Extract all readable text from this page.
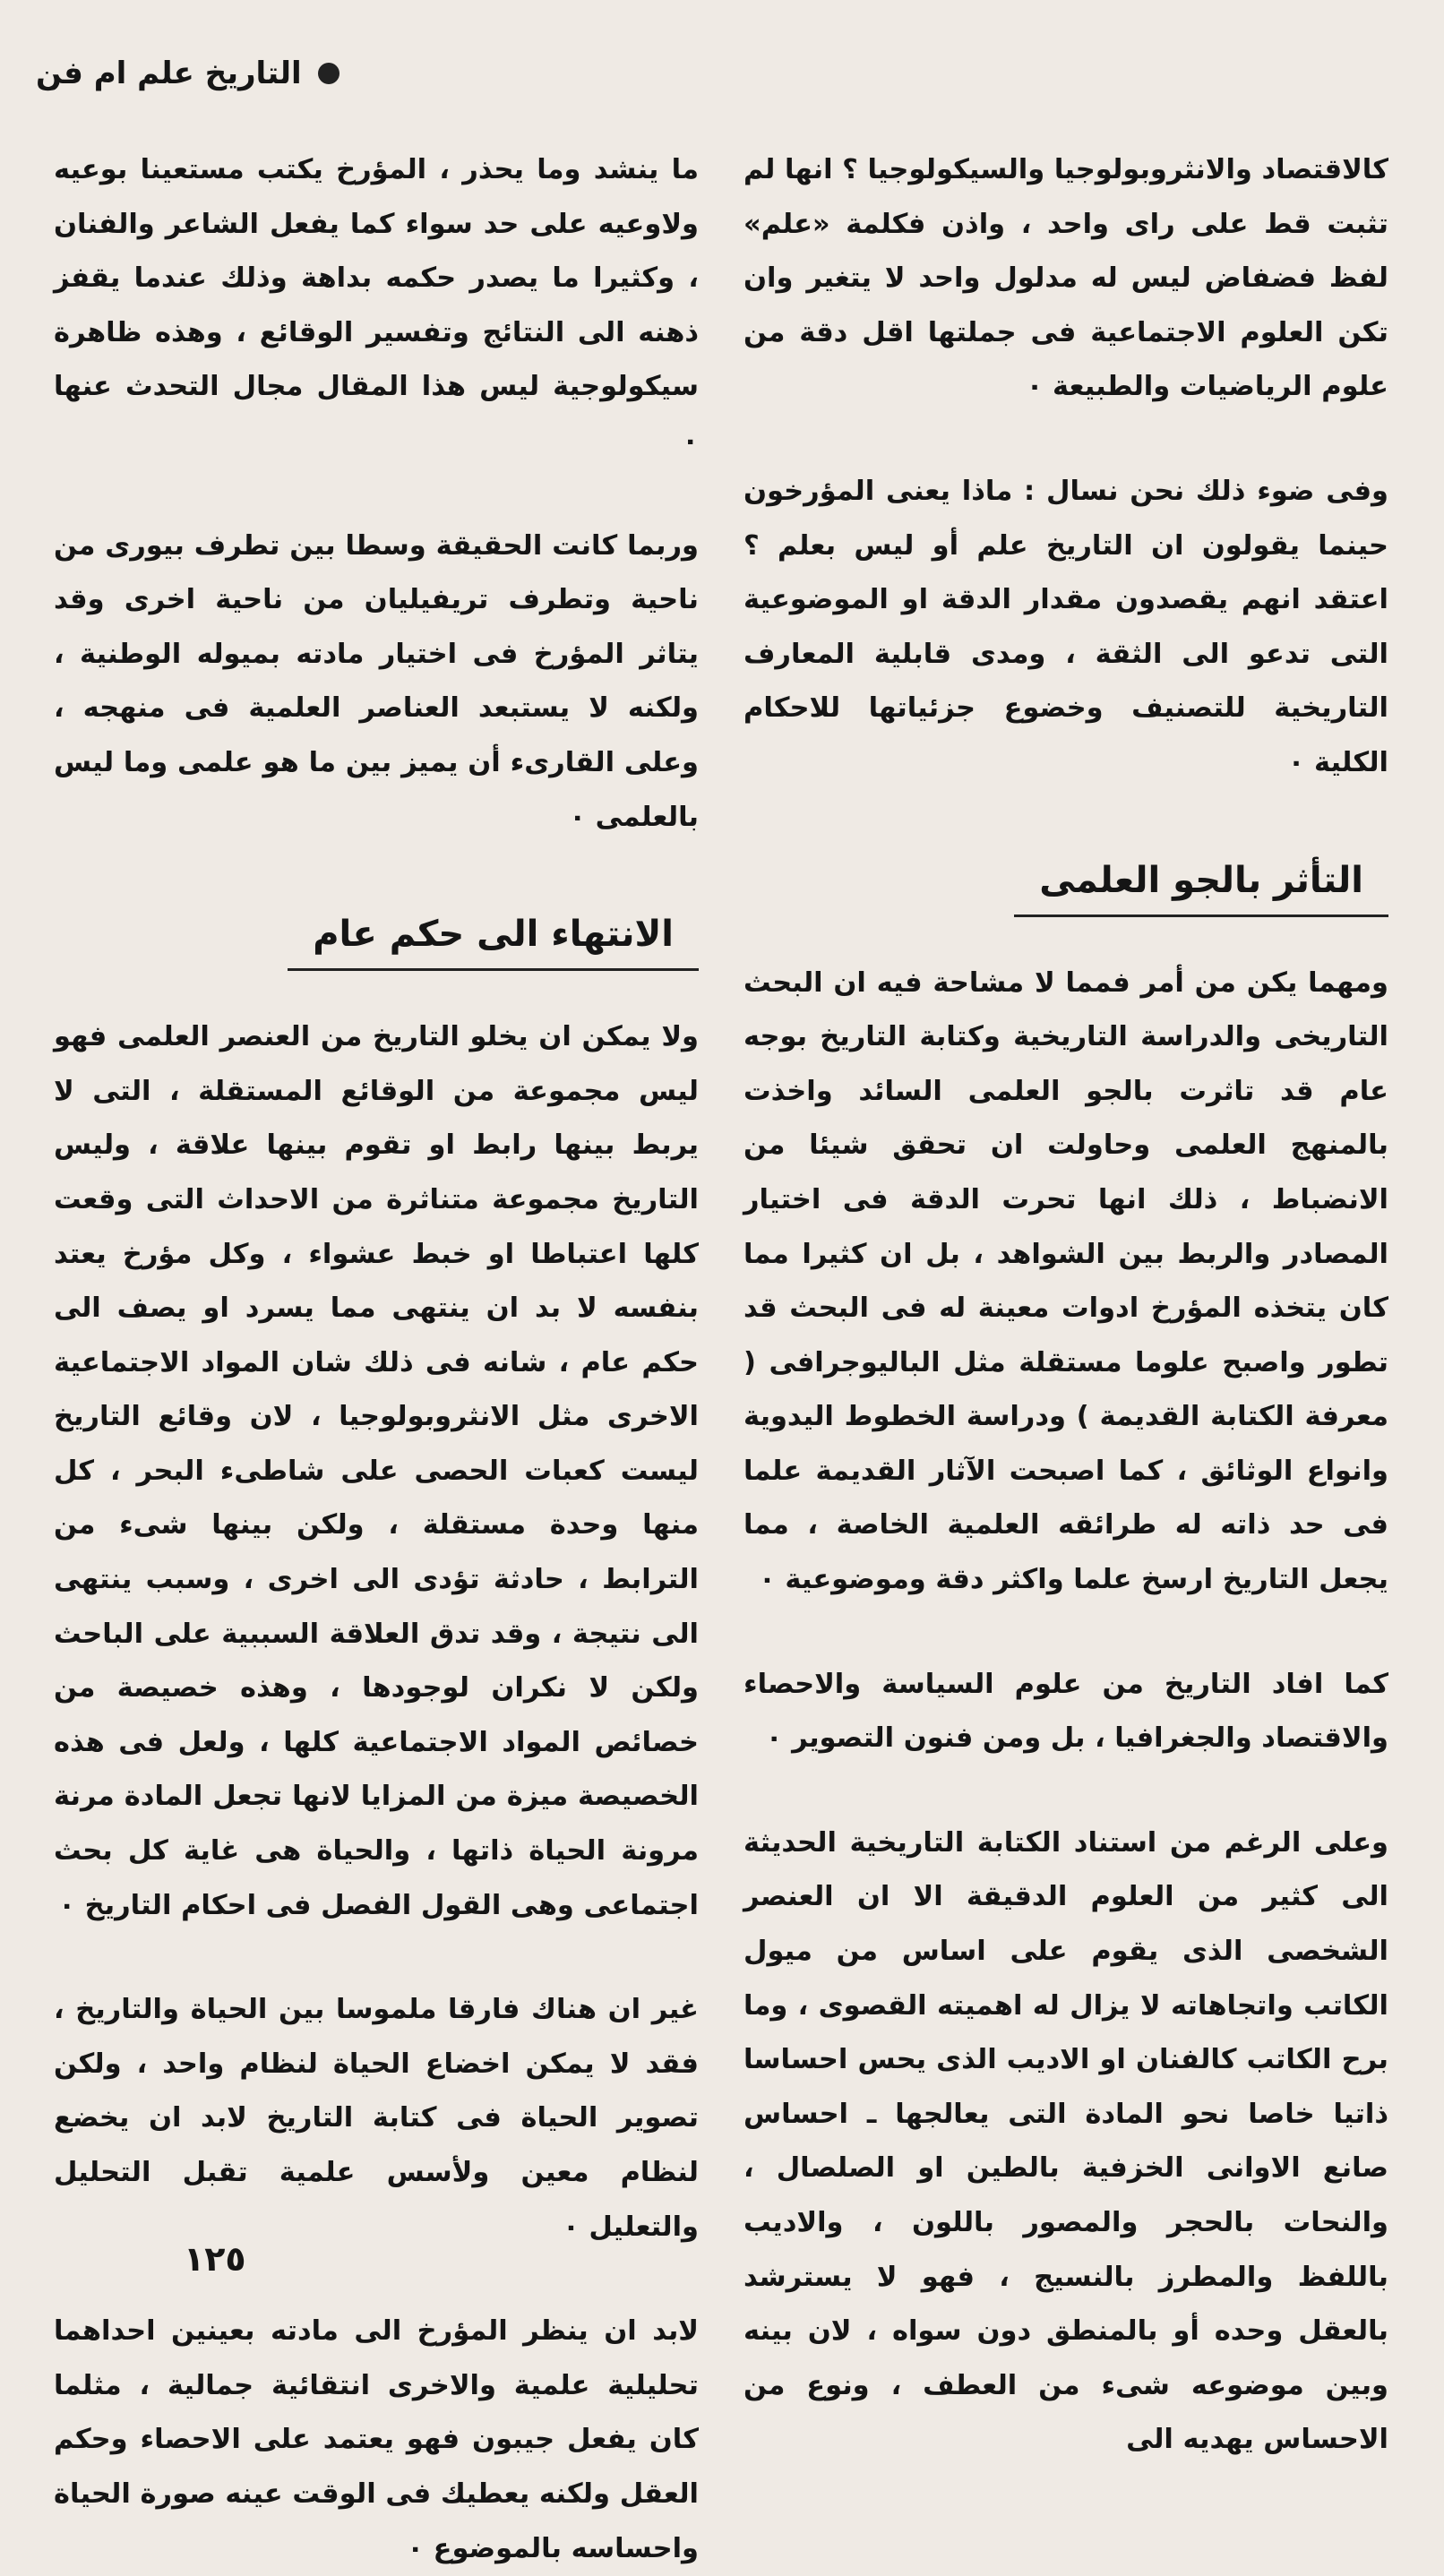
التاريخ علم ام فن

كالاقتصاد والانثروبولوجيا والسيكولوجيا ؟ انها لم تثبت قط على راى واحد ، واذن فكلمة «علم» لفظ فضفاض ليس له مدلول واحد لا يتغير وان تكن العلوم الاجتماعية فى جملتها اقل دقة من علوم الرياضيات والطبيعة ٠

وفى ضوء ذلك نحن نسال : ماذا يعنى المؤرخون حينما يقولون ان التاريخ علم أو ليس بعلم ؟ اعتقد انهم يقصدون مقدار الدقة او الموضوعية التى تدعو الى الثقة ، ومدى قابلية المعارف التاريخية للتصنيف وخضوع جزئياتها للاحكام الكلية ٠

التأثر بالجو العلمى

ومهما يكن من أمر فمما لا مشاحة فيه ان البحث التاريخى والدراسة التاريخية وكتابة التاريخ بوجه عام قد تاثرت بالجو العلمى السائد واخذت بالمنهج العلمى وحاولت ان تحقق شيئا من الانضباط ، ذلك انها تحرت الدقة فى اختيار المصادر والربط بين الشواهد ، بل ان كثيرا مما كان يتخذه المؤرخ ادوات معينة له فى البحث قد تطور واصبح علوما مستقلة مثل الباليوجرافى ( معرفة الكتابة القديمة ) ودراسة الخطوط اليدوية وانواع الوثائق ، كما اصبحت الآثار القديمة علما فى حد ذاته له طرائقه العلمية الخاصة ، مما يجعل التاريخ ارسخ علما واكثر دقة وموضوعية ٠

كما افاد التاريخ من علوم السياسة والاحصاء والاقتصاد والجغرافيا ، بل ومن فنون التصوير ٠

وعلى الرغم من استناد الكتابة التاريخية الحديثة الى كثير من العلوم الدقيقة الا ان العنصر الشخصى الذى يقوم على اساس من ميول الكاتب واتجاهاته لا يزال له اهميته القصوى ، وما برح الكاتب كالفنان او الاديب الذى يحس احساسا ذاتيا خاصا نحو المادة التى يعالجها ـ احساس صانع الاوانى الخزفية بالطين او الصلصال ، والنحات بالحجر والمصور باللون ، والاديب باللفظ والمطرز بالنسيج ، فهو لا يسترشد بالعقل وحده أو بالمنطق دون سواه ، لان بينه وبين موضوعه شىء من العطف ، ونوع من الاحساس يهديه الى

ما ينشد وما يحذر ، المؤرخ يكتب مستعينا بوعيه ولاوعيه على حد سواء كما يفعل الشاعر والفنان ، وكثيرا ما يصدر حكمه بداهة وذلك عندما يقفز ذهنه الى النتائج وتفسير الوقائع ، وهذه ظاهرة سيكولوجية ليس هذا المقال مجال التحدث عنها ٠

وربما كانت الحقيقة وسطا بين تطرف بيورى من ناحية وتطرف تريفيليان من ناحية اخرى وقد يتاثر المؤرخ فى اختيار مادته بميوله الوطنية ، ولكنه لا يستبعد العناصر العلمية فى منهجه ، وعلى القارىء أن يميز بين ما هو علمى وما ليس بالعلمى ٠

الانتهاء الى حكم عام

ولا يمكن ان يخلو التاريخ من العنصر العلمى فهو ليس مجموعة من الوقائع المستقلة ، التى لا يربط بينها رابط او تقوم بينها علاقة ، وليس التاريخ مجموعة متناثرة من الاحداث التى وقعت كلها اعتباطا او خبط عشواء ، وكل مؤرخ يعتد بنفسه لا بد ان ينتهى مما يسرد او يصف الى حكم عام ، شانه فى ذلك شان المواد الاجتماعية الاخرى مثل الانثروبولوجيا ، لان وقائع التاريخ ليست كعبات الحصى على شاطىء البحر ، كل منها وحدة مستقلة ، ولكن بينها شىء من الترابط ، حادثة تؤدى الى اخرى ، وسبب ينتهى الى نتيجة ، وقد تدق العلاقة السببية على الباحث ولكن لا نكران لوجودها ، وهذه خصيصة من خصائص المواد الاجتماعية كلها ، ولعل فى هذه الخصيصة ميزة من المزايا لانها تجعل المادة مرنة مرونة الحياة ذاتها ، والحياة هى غاية كل بحث اجتماعى وهى القول الفصل فى احكام التاريخ ٠

غير ان هناك فارقا ملموسا بين الحياة والتاريخ ، فقد لا يمكن اخضاع الحياة لنظام واحد ، ولكن تصوير الحياة فى كتابة التاريخ لابد ان يخضع لنظام معين ولأسس علمية تقبل التحليل والتعليل ٠

لابد ان ينظر المؤرخ الى مادته بعينين احداهما تحليلية علمية والاخرى انتقائية جمالية ، مثلما كان يفعل جيبون فهو يعتمد على الاحصاء وحكم العقل ولكنه يعطيك فى الوقت عينه صورة الحياة واحساسه بالموضوع ٠

١٢٥
